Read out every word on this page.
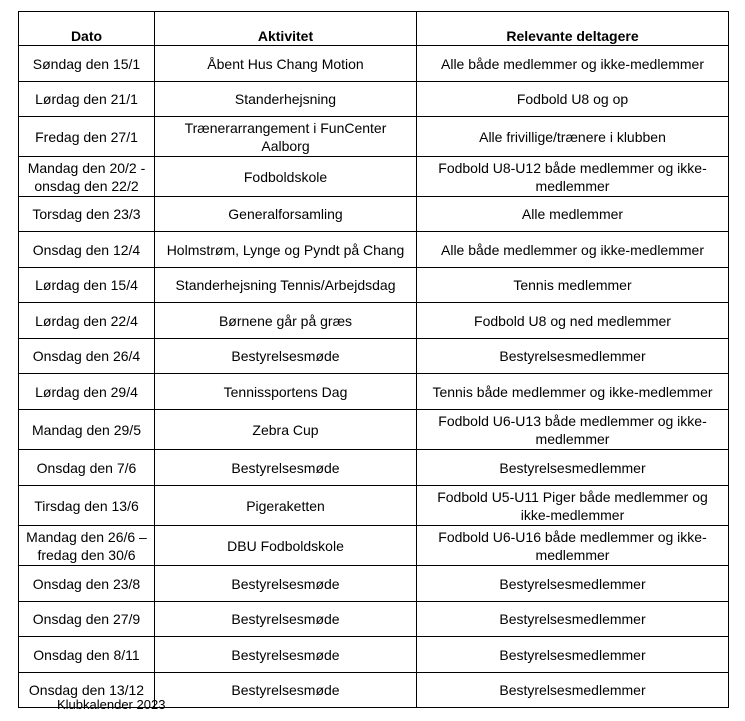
Dato	Aktivitet	Relevante deltagere
Søndag den 15/1	Åbent Hus Chang Motion	Alle både medlemmer og ikke-medlemmer
Lørdag den 21/1	Standerhejsning	Fodbold U8 og op
Fredag den 27/1	Trænerarrangement i FunCenter Aalborg	Alle frivillige/trænere i klubben
Mandag den 20/2 - onsdag den 22/2	Fodboldskole	Fodbold U8-U12 både medlemmer og ikke-medlemmer
Torsdag den 23/3	Generalforsamling	Alle medlemmer
Onsdag den 12/4	Holmstrøm, Lynge og Pyndt på Chang	Alle både medlemmer og ikke-medlemmer
Lørdag den 15/4	Standerhejsning Tennis/Arbejdsdag	Tennis medlemmer
Lørdag den 22/4	Børnene går på græs	Fodbold U8 og ned medlemmer
Onsdag den 26/4	Bestyrelsesmøde	Bestyrelsesmedlemmer
Lørdag den 29/4	Tennissportens Dag	Tennis både medlemmer og ikke-medlemmer
Mandag den 29/5	Zebra Cup	Fodbold U6-U13 både medlemmer og ikke-medlemmer
Onsdag den 7/6	Bestyrelsesmøde	Bestyrelsesmedlemmer
Tirsdag den 13/6	Pigeraketten	Fodbold U5-U11 Piger både medlemmer og ikke-medlemmer
Mandag den 26/6 – fredag den 30/6	DBU Fodboldskole	Fodbold U6-U16 både medlemmer og ikke-medlemmer
Onsdag den 23/8	Bestyrelsesmøde	Bestyrelsesmedlemmer
Onsdag den 27/9	Bestyrelsesmøde	Bestyrelsesmedlemmer
Onsdag den 8/11	Bestyrelsesmøde	Bestyrelsesmedlemmer
Onsdag den 13/12	Bestyrelsesmøde	Bestyrelsesmedlemmer
Klubkalender 2023
